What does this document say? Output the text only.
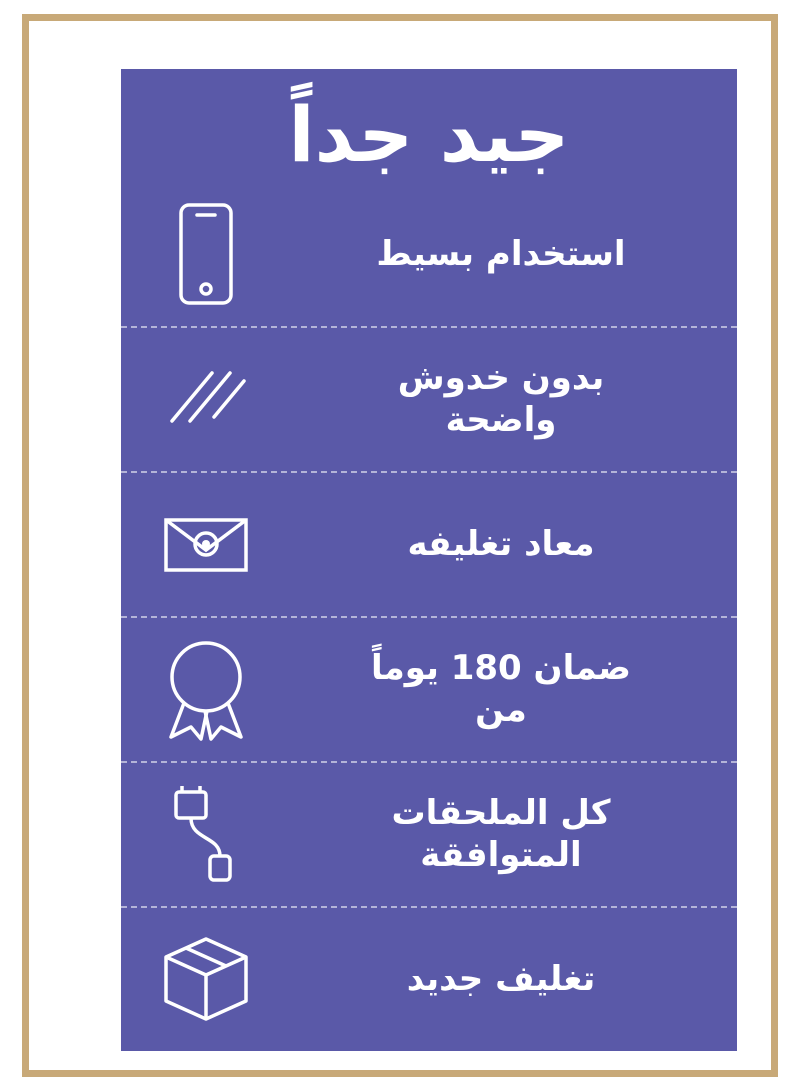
جيد جداً
استخدام بسيط
بدون خدوش
واضحة
معاد تغليفه
ضمان 180 يوماً
من
كل الملحقات
المتوافقة
تغليف جديد
